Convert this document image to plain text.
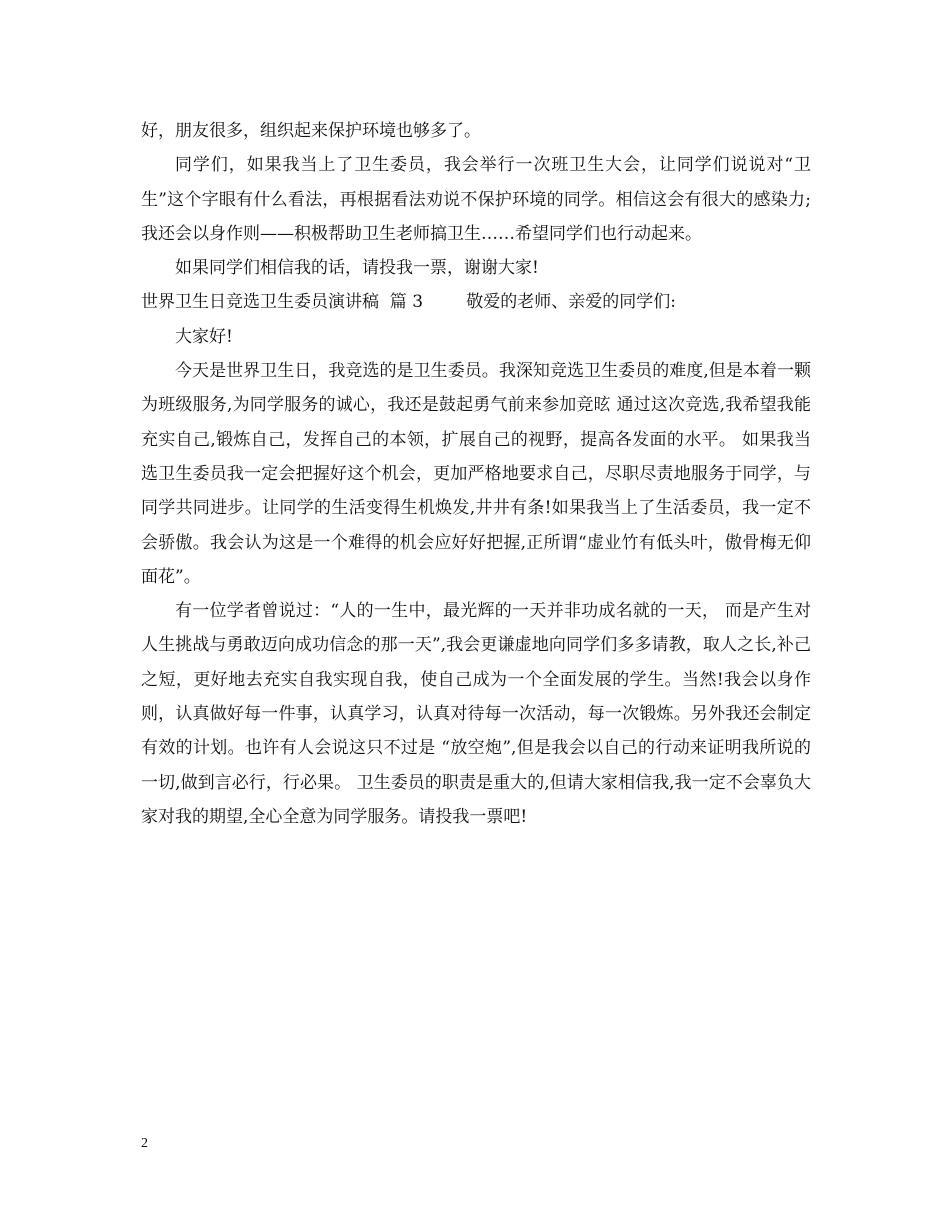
好，朋友很多，组织起来保护环境也够多了。

同学们，如果我当上了卫生委员，我会举行一次班卫生大会，让同学们说说对“卫生”这个字眼有什么看法，再根据看法劝说不保护环境的同学。相信这会有很大的感染力;我还会以身作则——积极帮助卫生老师搞卫生……希望同学们也行动起来。

如果同学们相信我的话，请投我一票，谢谢大家!

世界卫生日竞选卫生委员演讲稿  篇 3        敬爱的老师、亲爱的同学们:

大家好!

今天是世界卫生日，我竞选的是卫生委员。我深知竞选卫生委员的难度,但是本着一颗为班级服务,为同学服务的诚心，我还是鼓起勇气前来参加竞昡 通过这次竞选,我希望我能充实自己,锻炼自己，发挥自己的本领，扩展自己的视野，提高各发面的水平。 如果我当选卫生委员我一定会把握好这个机会，更加严格地要求自己，尽职尽责地服务于同学，与同学共同进步。让同学的生活变得生机焕发,井井有条!如果我当上了生活委员，我一定不会骄傲。我会认为这是一个难得的机会应好好把握,正所谓“虚业竹有低头叶，傲骨梅无仰面花”。

有一位学者曾说过：“人的一生中，最光辉的一天并非功成名就的一天， 而是产生对人生挑战与勇敢迈向成功信念的那一天”,我会更谦虚地向同学们多多请教，取人之长,补己之短，更好地去充实自我实现自我，使自己成为一个全面发展的学生。当然!我会以身作则，认真做好每一件事，认真学习，认真对待每一次活动，每一次锻炼。另外我还会制定有效的计划。也许有人会说这只不过是 “放空炮”,但是我会以自己的行动来证明我所说的一切,做到言必行，行必果。 卫生委员的职责是重大的,但请大家相信我,我一定不会辜负大家对我的期望,全心全意为同学服务。请投我一票吧!

2
